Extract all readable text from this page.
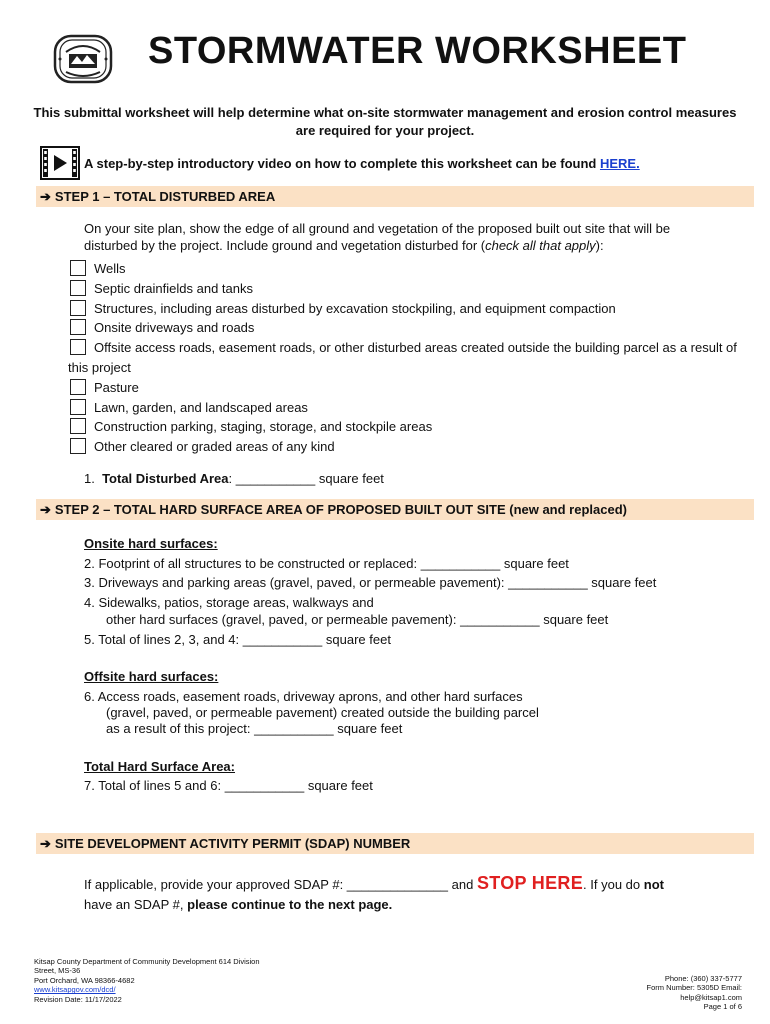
STORMWATER WORKSHEET
This submittal worksheet will help determine what on-site stormwater management and erosion control measures are required for your project.
A step-by-step introductory video on how to complete this worksheet can be found HERE.
➔ STEP 1 – TOTAL DISTURBED AREA
On your site plan, show the edge of all ground and vegetation of the proposed built out site that will be disturbed by the project. Include ground and vegetation disturbed for (check all that apply):
Wells
Septic drainfields and tanks
Structures, including areas disturbed by excavation stockpiling, and equipment compaction
Onsite driveways and roads
Offsite access roads, easement roads, or other disturbed areas created outside the building parcel as a result of this project
Pasture
Lawn, garden, and landscaped areas
Construction parking, staging, storage, and stockpile areas
Other cleared or graded areas of any kind
1. Total Disturbed Area: ___________ square feet
➔ STEP 2 – TOTAL HARD SURFACE AREA OF PROPOSED BUILT OUT SITE (new and replaced)
Onsite hard surfaces:
2. Footprint of all structures to be constructed or replaced: ___________ square feet
3. Driveways and parking areas (gravel, paved, or permeable pavement): ___________ square feet
4. Sidewalks, patios, storage areas, walkways and
other hard surfaces (gravel, paved, or permeable pavement): ___________ square feet
5. Total of lines 2, 3, and 4: ___________ square feet
Offsite hard surfaces:
6. Access roads, easement roads, driveway aprons, and other hard surfaces
(gravel, paved, or permeable pavement) created outside the building parcel
as a result of this project: ___________ square feet
Total Hard Surface Area:
7. Total of lines 5 and 6: ___________ square feet
➔ SITE DEVELOPMENT ACTIVITY PERMIT (SDAP) NUMBER
If applicable, provide your approved SDAP #: ______________ and STOP HERE. If you do not
have an SDAP #, please continue to the next page.
Kitsap County Department of Community Development 614 Division
Street, MS-36
Port Orchard, WA 98366-4682
www.kitsapgov.com/dcd/
Revision Date: 11/17/2022
Phone: (360) 337-5777
Form Number: 5305D Email:
help@kitsap1.com
Page 1 of 6
